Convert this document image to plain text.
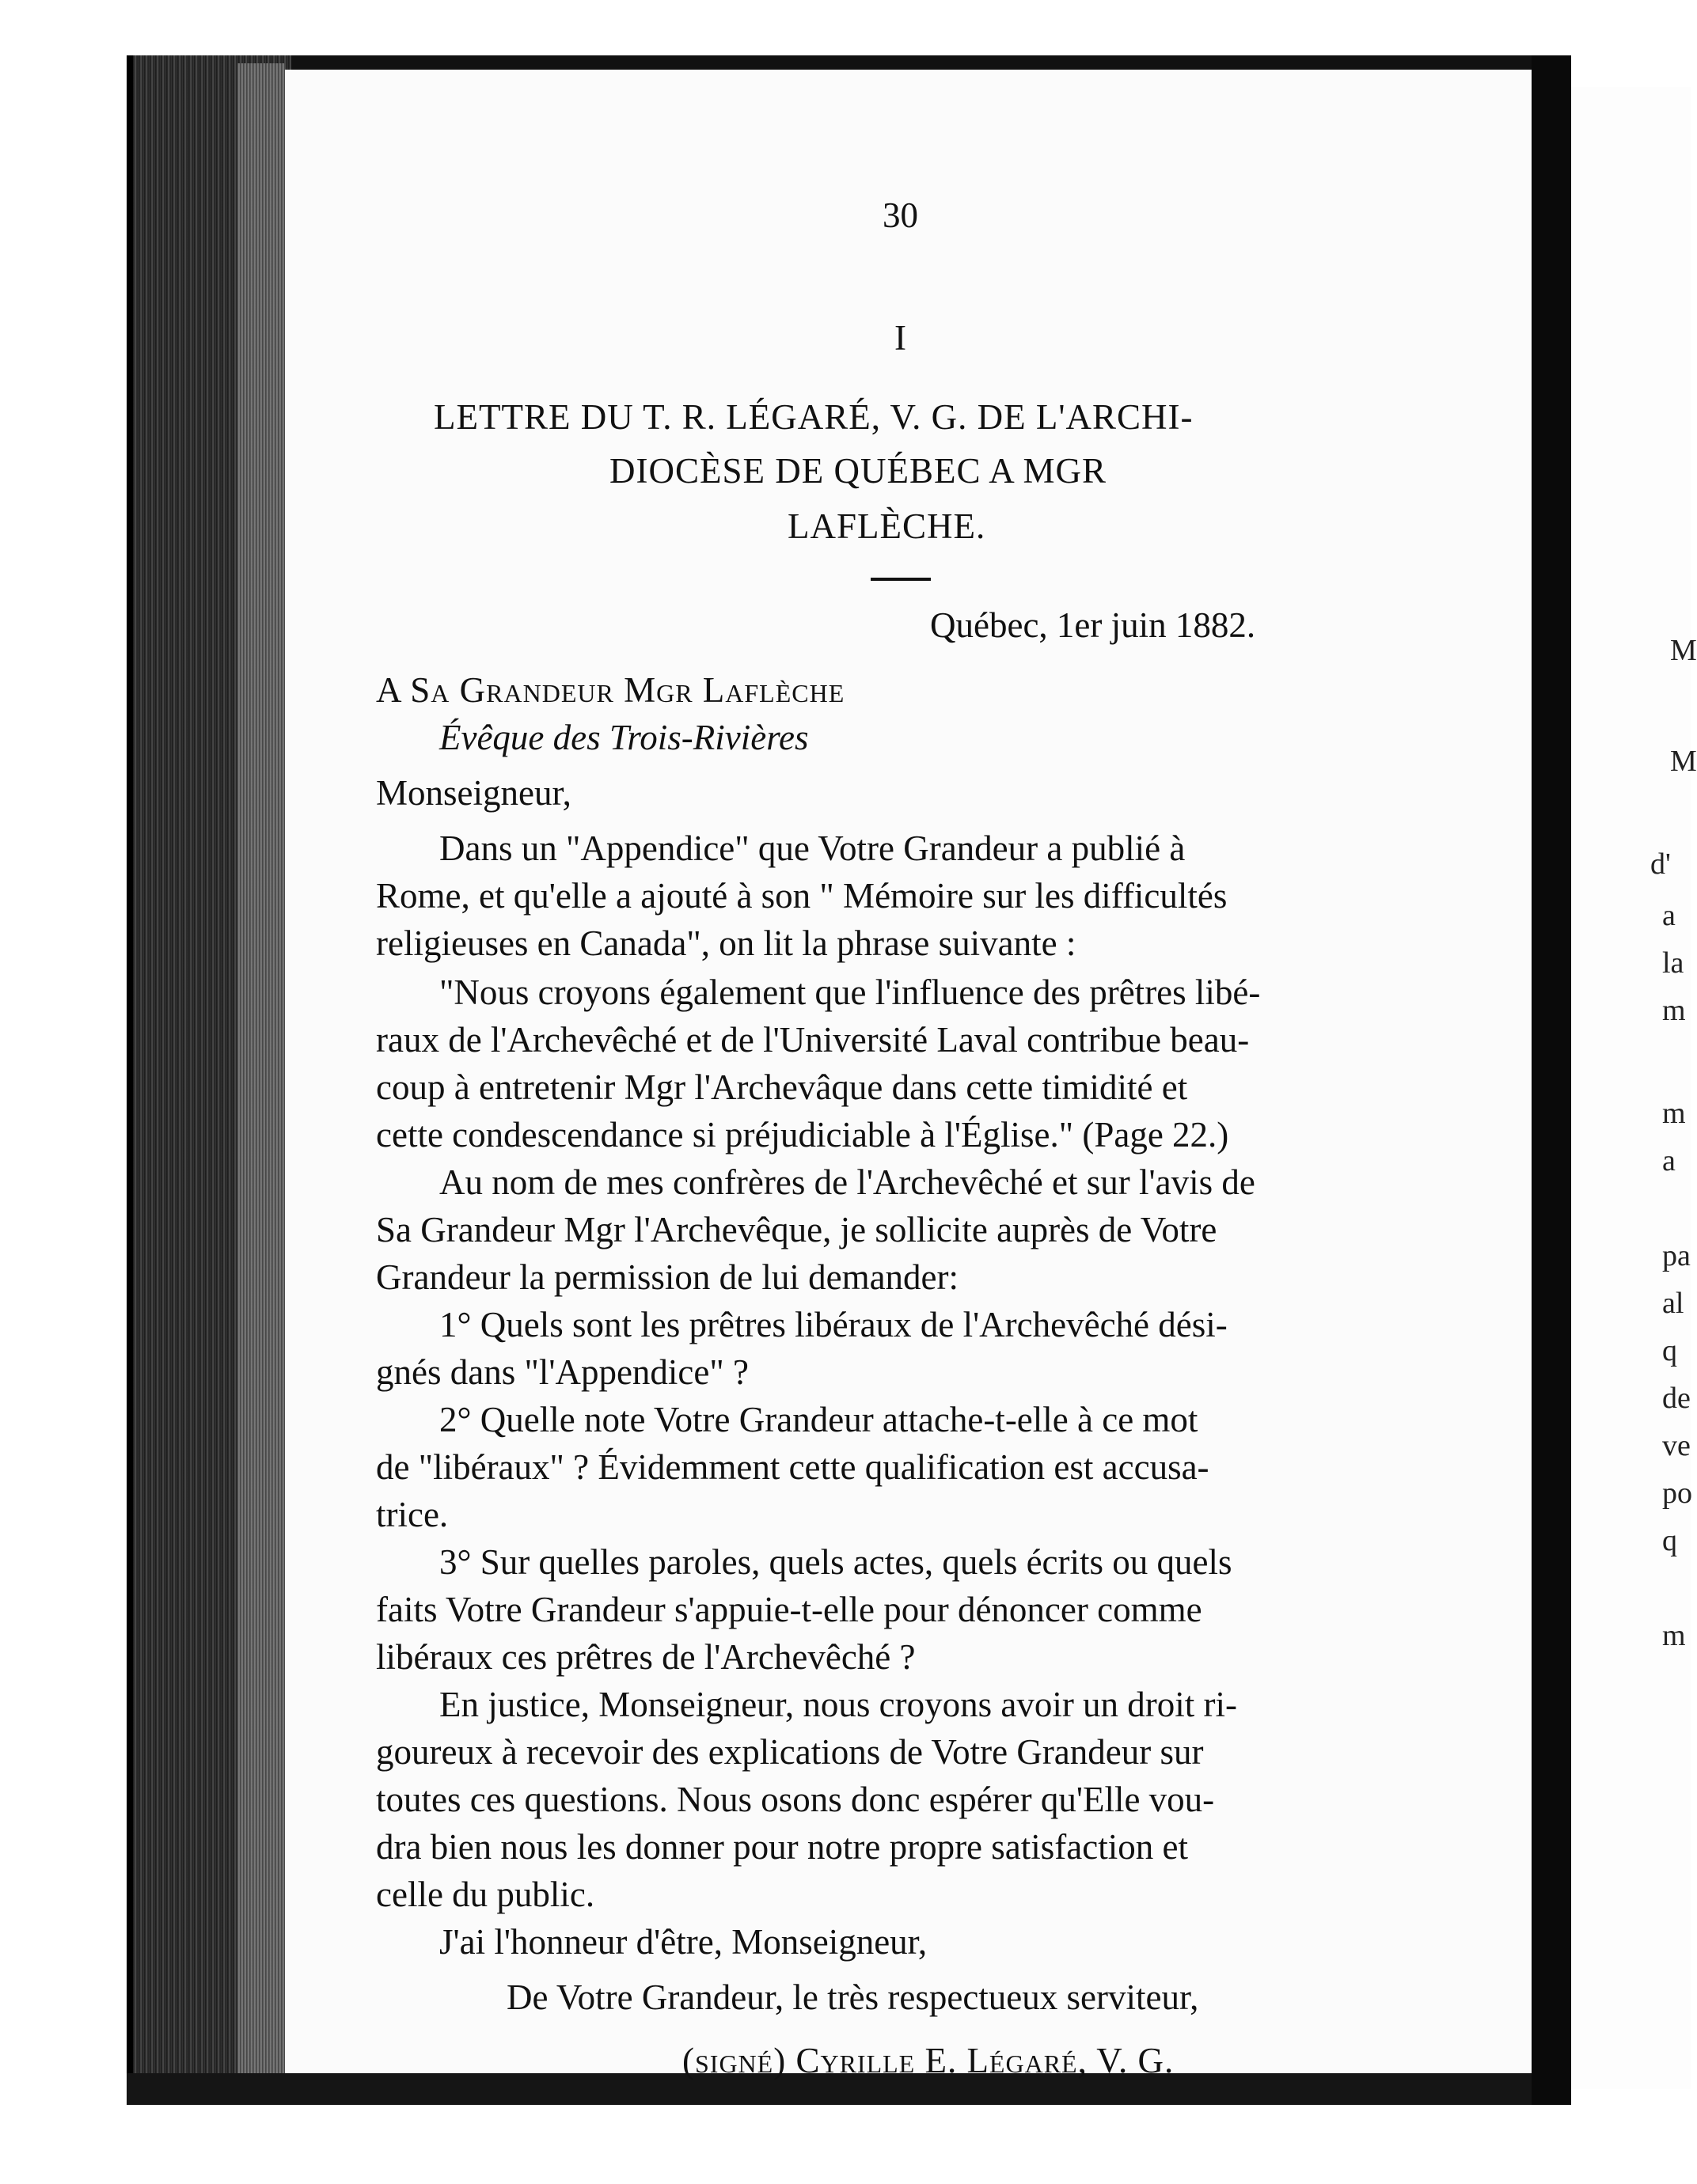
M
M
d'
a
la
m
m
a
pa
al
q
de
ve
po
q
m
30
I
LETTRE DU T. R. LÉGARÉ, V. G. DE L'ARCHI-
DIOCÈSE DE QUÉBEC A MGR
LAFLÈCHE.
Québec, 1er juin 1882.
A Sa Grandeur Mgr Laflèche
Évêque des Trois-Rivières
Monseigneur,
Dans un "Appendice" que Votre Grandeur a publié à
Rome, et qu'elle a ajouté à son " Mémoire sur les difficultés
religieuses en Canada", on lit la phrase suivante :
"Nous croyons également que l'influence des prêtres libé-
raux de l'Archevêché et de l'Université Laval contribue beau-
coup à entretenir Mgr l'Archevâque dans cette timidité et
cette condescendance si préjudiciable à l'Église." (Page 22.)
Au nom de mes confrères de l'Archevêché et sur l'avis de
Sa Grandeur Mgr l'Archevêque, je sollicite auprès de Votre
Grandeur la permission de lui demander:
1° Quels sont les prêtres libéraux de l'Archevêché dési-
gnés dans "l'Appendice" ?
2° Quelle note Votre Grandeur attache-t-elle à ce mot
de "libéraux" ? Évidemment cette qualification est accusa-
trice.
3° Sur quelles paroles, quels actes, quels écrits ou quels
faits Votre Grandeur s'appuie-t-elle pour dénoncer comme
libéraux ces prêtres de l'Archevêché ?
En justice, Monseigneur, nous croyons avoir un droit ri-
goureux à recevoir des explications de Votre Grandeur sur
toutes ces questions. Nous osons donc espérer qu'Elle vou-
dra bien nous les donner pour notre propre satisfaction et
celle du public.
J'ai l'honneur d'être, Monseigneur,
De Votre Grandeur, le très respectueux serviteur,
(signé) Cyrille E. Légaré, V. G.
